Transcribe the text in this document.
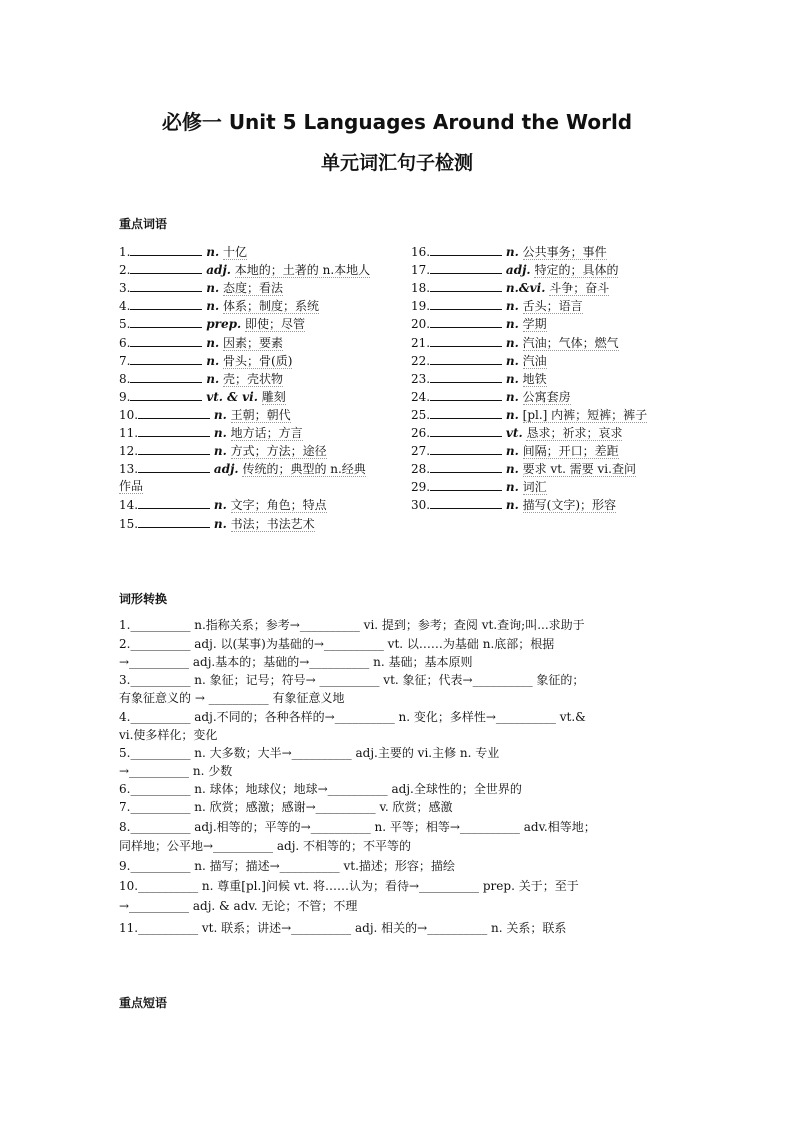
必修一 Unit 5 Languages Around the World
单元词汇句子检测
重点词语
1.	n. 十亿
2.	adj. 本地的；土著的 n.本地人
3.	n. 态度；看法
4.	n. 体系；制度；系统
5.	prep. 即使；尽管
6.	n. 因素；要素
7.	n. 骨头；骨(质)
8.	n. 壳；壳状物
9.	vt. & vi. 雕刻
10.	n. 王朝；朝代
11.	n. 地方话；方言
12.	n. 方式；方法；途径
13.	adj. 传统的；典型的 n.经典
作品
14.	n. 文字；角色；特点
15.	n. 书法；书法艺术
16.	n. 公共事务；事件
17.	adj. 特定的；具体的
18.	n.&vi. 斗争；奋斗
19.	n. 舌头；语言
20.	n. 学期
21.	n. 汽油；气体；燃气
22.	n. 汽油
23.	n. 地铁
24.	n. 公寓套房
25.	n. [pl.] 内裤；短裤；裤子
26.	vt. 恳求；祈求；哀求
27.	n. 间隔；开口；差距
28.	n. 要求 vt. 需要 vi.查问
29.	n. 词汇
30.	n. 描写(文字)；形容
词形转换
1.__________ n.指称关系；参考→__________ vi. 提到；参考；查阅 vt.查询;叫...求助于
2.__________ adj. 以(某事)为基础的→__________ vt. 以……为基础 n.底部；根据
→__________ adj.基本的；基础的→__________ n. 基础；基本原则
3.__________ n. 象征；记号；符号→ __________ vt. 象征；代表→__________ 象征的；
有象征意义的 → __________ 有象征意义地
4.__________ adj.不同的；各种各样的→__________ n. 变化；多样性→__________ vt.&
vi.使多样化；变化
5.__________ n. 大多数；大半→__________ adj.主要的 vi.主修 n. 专业
→__________ n. 少数
6.__________ n. 球体；地球仪；地球→__________ adj.全球性的；全世界的
7.__________ n. 欣赏；感激；感谢→__________ v. 欣赏；感激
8.__________ adj.相等的；平等的→__________ n. 平等；相等→__________ adv.相等地；
同样地；公平地→__________ adj. 不相等的；不平等的
9.__________ n. 描写；描述→__________ vt.描述；形容；描绘
10.__________ n. 尊重[pl.]问候 vt. 将……认为；看待→__________ prep. 关于；至于
→__________ adj. & adv. 无论；不管；不理
11.__________ vt. 联系；讲述→__________ adj. 相关的→__________ n. 关系；联系
重点短语
